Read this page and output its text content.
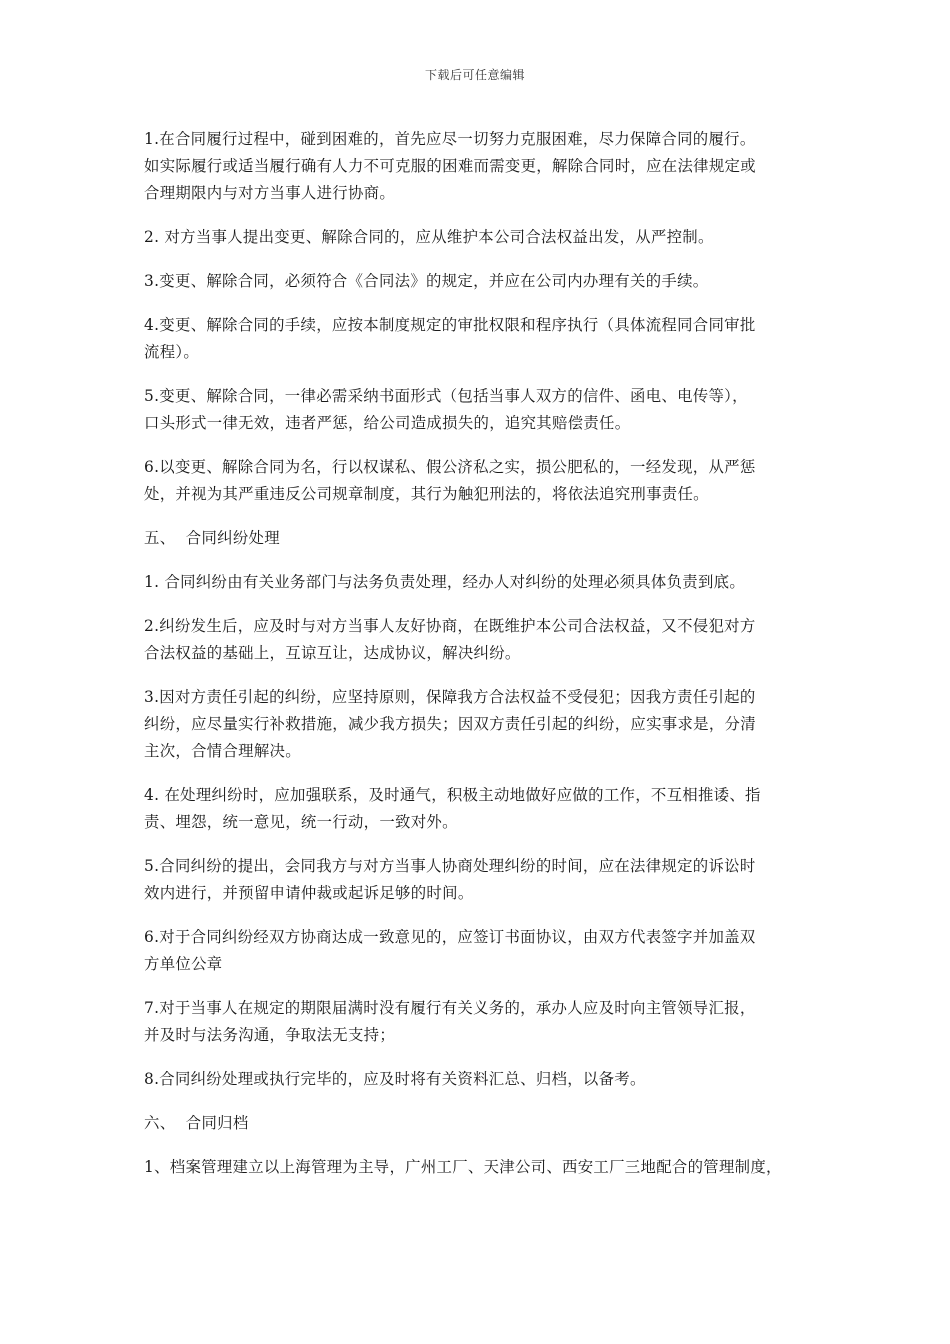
下载后可任意编辑

1.在合同履行过程中，碰到困难的，首先应尽一切努力克服困难，尽力保障合同的履行。
如实际履行或适当履行确有人力不可克服的困难而需变更，解除合同时，应在法律规定或
合理期限内与对方当事人进行协商。

2. 对方当事人提出变更、解除合同的，应从维护本公司合法权益出发，从严控制。

3.变更、解除合同，必须符合《合同法》的规定，并应在公司内办理有关的手续。

4.变更、解除合同的手续，应按本制度规定的审批权限和程序执行（具体流程同合同审批
流程）。

5.变更、解除合同，一律必需采纳书面形式（包括当事人双方的信件、函电、电传等），
口头形式一律无效，违者严惩，给公司造成损失的，追究其赔偿责任。

6.以变更、解除合同为名，行以权谋私、假公济私之实，损公肥私的，一经发现，从严惩
处，并视为其严重违反公司规章制度，其行为触犯刑法的，将依法追究刑事责任。

五、  合同纠纷处理

1. 合同纠纷由有关业务部门与法务负责处理，经办人对纠纷的处理必须具体负责到底。

2.纠纷发生后，应及时与对方当事人友好协商，在既维护本公司合法权益，又不侵犯对方
合法权益的基础上，互谅互让，达成协议，解决纠纷。

3.因对方责任引起的纠纷，应坚持原则，保障我方合法权益不受侵犯；因我方责任引起的
纠纷，应尽量实行补救措施，减少我方损失；因双方责任引起的纠纷，应实事求是，分清
主次，合情合理解决。

4. 在处理纠纷时，应加强联系，及时通气，积极主动地做好应做的工作，不互相推诿、指
责、埋怨，统一意见，统一行动，一致对外。

5.合同纠纷的提出，会同我方与对方当事人协商处理纠纷的时间，应在法律规定的诉讼时
效内进行，并预留申请仲裁或起诉足够的时间。

6.对于合同纠纷经双方协商达成一致意见的，应签订书面协议，由双方代表签字并加盖双
方单位公章

7.对于当事人在规定的期限届满时没有履行有关义务的，承办人应及时向主管领导汇报，
并及时与法务沟通，争取法无支持；

8.合同纠纷处理或执行完毕的，应及时将有关资料汇总、归档，以备考。

六、  合同归档

1、档案管理建立以上海管理为主导，广州工厂、天津公司、西安工厂三地配合的管理制度，
